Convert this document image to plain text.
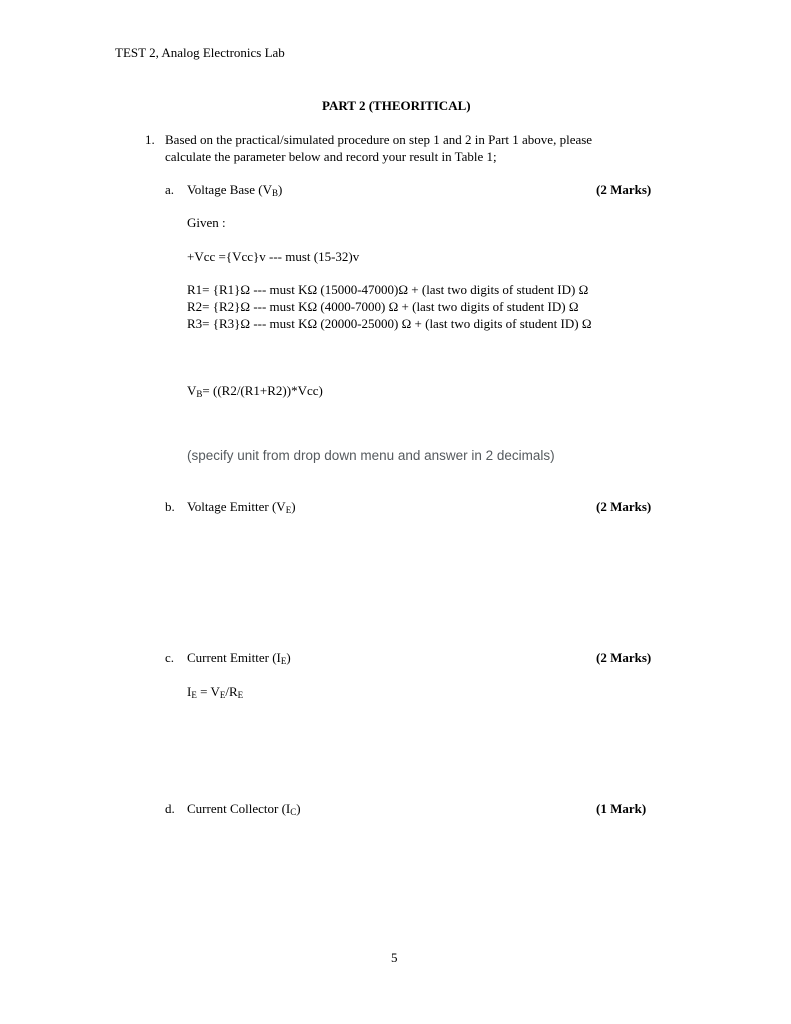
TEST 2, Analog Electronics Lab
PART 2 (THEORITICAL)
1. Based on the practical/simulated procedure on step 1 and 2 in Part 1 above, please
calculate the parameter below and record your result in Table 1;
a. Voltage Base $(V_B)$	(2 Marks)
Given :
+Vcc ={Vcc}v --- must (15-32)v
R1= {R1}Ω --- must KΩ (15000-47000)Ω + (last two digits of student ID) Ω
R2= {R2}Ω --- must KΩ (4000-7000) Ω + (last two digits of student ID) Ω
R3= {R3}Ω --- must KΩ (20000-25000) Ω + (last two digits of student ID) Ω
$V_B= ((R2/(R1+R2))*Vcc)$
(specify unit from drop down menu and answer in 2 decimals)
b. Voltage Emitter $(V_E)$	(2 Marks)
c. Current Emitter $(I_E)$	(2 Marks)
$I_E = V_E/R_E$
d. Current Collector $(I_C)$	(1 Mark)
5
